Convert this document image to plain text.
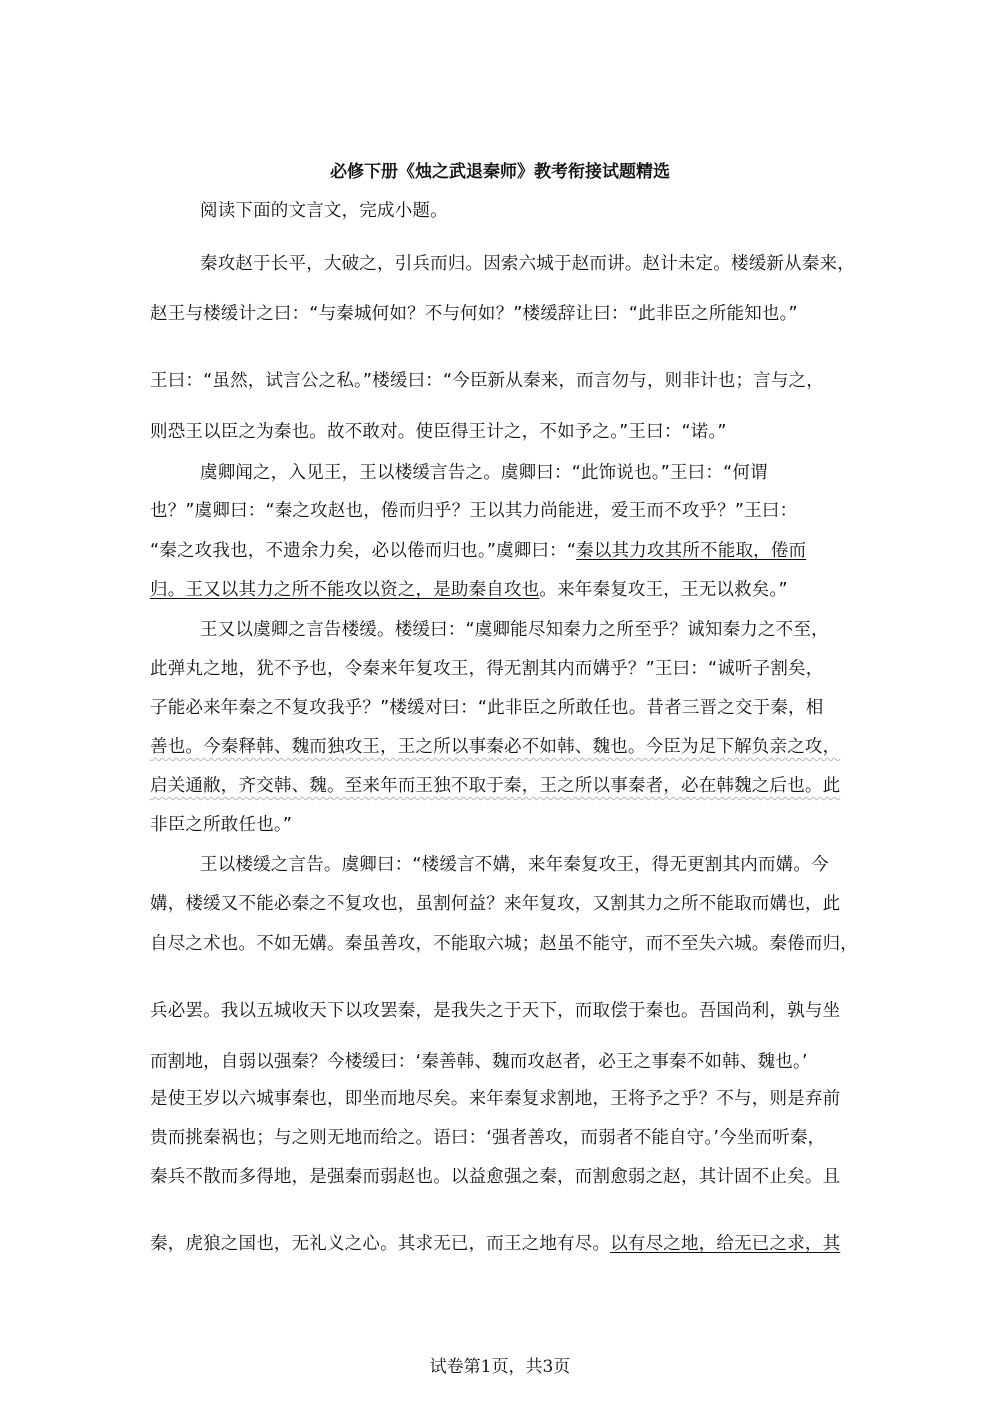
必修下册《烛之武退秦师》教考衔接试题精选
阅读下面的文言文，完成小题。
秦攻赵于长平，大破之，引兵而归。因索六城于赵而讲。赵计未定。楼缓新从秦来，
赵王与楼缓计之曰：“与秦城何如？不与何如？”楼缓辞让曰：“此非臣之所能知也。”
王曰：“虽然，试言公之私。”楼缓曰：“今臣新从秦来，而言勿与，则非计也；言与之，
则恐王以臣之为秦也。故不敢对。使臣得王计之，不如予之。”王曰：“诺。”
虞卿闻之，入见王，王以楼缓言告之。虞卿曰：“此饰说也。”王曰：“何谓
也？”虞卿曰：“秦之攻赵也，倦而归乎？王以其力尚能进，爱王而不攻乎？”王曰：
“秦之攻我也，不遗余力矣，必以倦而归也。”虞卿曰：“秦以其力攻其所不能取，倦而
归。王又以其力之所不能攻以资之，是助秦自攻也。来年秦复攻王，王无以救矣。”
王又以虞卿之言告楼缓。楼缓曰：“虞卿能尽知秦力之所至乎？诚知秦力之不至，
此弹丸之地，犹不予也，令秦来年复攻王，得无割其内而媾乎？”王曰：“诚听子割矣，
子能必来年秦之不复攻我乎？”楼缓对曰：“此非臣之所敢任也。昔者三晋之交于秦，相
善也。今秦释韩、魏而独攻王，王之所以事秦必不如韩、魏也。今臣为足下解负亲之攻，
启关通敝，齐交韩、魏。至来年而王独不取于秦，王之所以事秦者，必在韩魏之后也。此
非臣之所敢任也。”
王以楼缓之言告。虞卿曰：“楼缓言不媾，来年秦复攻王，得无更割其内而媾。今
媾，楼缓又不能必秦之不复攻也，虽割何益？来年复攻，又割其力之所不能取而媾也，此
自尽之术也。不如无媾。秦虽善攻，不能取六城；赵虽不能守，而不至失六城。秦倦而归，
兵必罢。我以五城收天下以攻罢秦，是我失之于天下，而取偿于秦也。吾国尚利，孰与坐
而割地，自弱以强秦？今楼缓曰：‘秦善韩、魏而攻赵者，必王之事秦不如韩、魏也。’
是使王岁以六城事秦也，即坐而地尽矣。来年秦复求割地，王将予之乎？不与，则是弃前
贵而挑秦祸也；与之则无地而给之。语曰：‘强者善攻，而弱者不能自守。’今坐而听秦，
秦兵不散而多得地，是强秦而弱赵也。以益愈强之秦，而割愈弱之赵，其计固不止矣。且
秦，虎狼之国也，无礼义之心。其求无已，而王之地有尽。以有尽之地，给无已之求，其
试卷第1页，共3页
